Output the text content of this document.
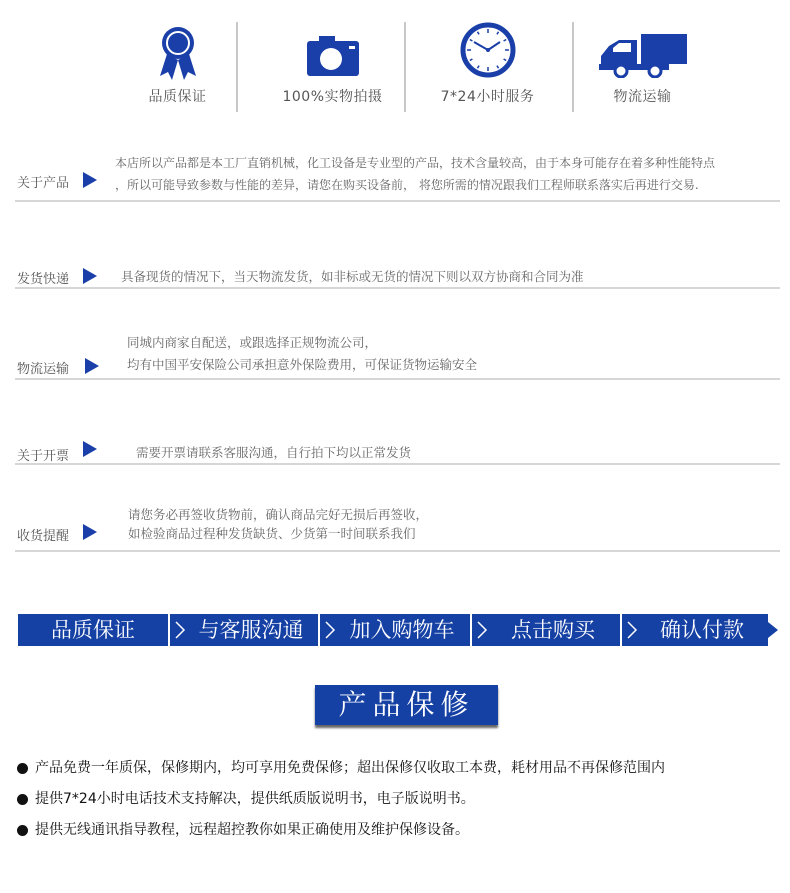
品质保证	100%实物拍摄	7*24小时服务	物流运输
关于产品
本店所以产品都是本工厂直销机械，化工设备是专业型的产品，技术含量较高，由于本身可能存在着多种性能特点
，所以可能导致参数与性能的差异，请您在购买设备前， 将您所需的情况跟我们工程师联系落实后再进行交易.
发货快递	具备现货的情况下，当天物流发货，如非标或无货的情况下则以双方协商和合同为准
物流运输
同城内商家自配送，或跟选择正规物流公司，
均有中国平安保险公司承担意外保险费用，可保证货物运输安全
关于开票	需要开票请联系客服沟通，自行拍下均以正常发货
收货提醒
请您务必再签收货物前，确认商品完好无损后再签收，
如检验商品过程种发货缺货、少货第一时间联系我们
品质保证	与客服沟通	加入购物车	点击购买	确认付款
产品保修
产品免费一年质保，保修期内，均可享用免费保修；超出保修仅收取工本费，耗材用品不再保修范围内
提供7*24小时电话技术支持解决，提供纸质版说明书，电子版说明书。
提供无线通讯指导教程，远程超控教你如果正确使用及维护保修设备。
